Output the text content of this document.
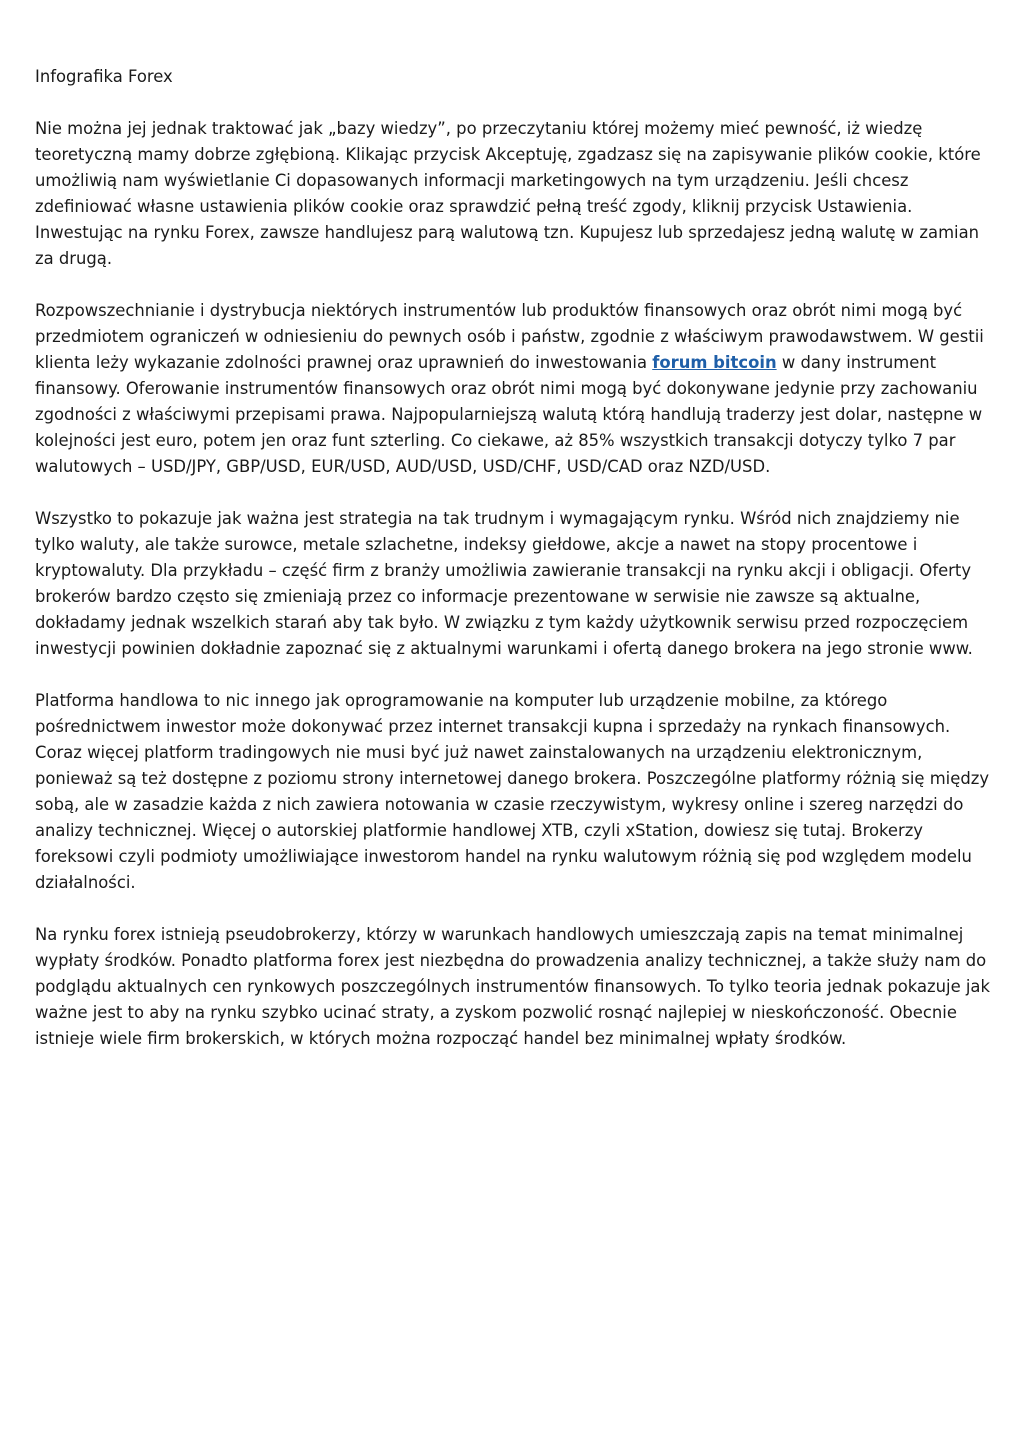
Infografika Forex

Nie można jej jednak traktować jak „bazy wiedzy”, po przeczytaniu której możemy mieć pewność, iż wiedzę teoretyczną mamy dobrze zgłębioną. Klikając przycisk Akceptuję, zgadzasz się na zapisywanie plików cookie, które umożliwią nam wyświetlanie Ci dopasowanych informacji marketingowych na tym urządzeniu. Jeśli chcesz zdefiniować własne ustawienia plików cookie oraz sprawdzić pełną treść zgody, kliknij przycisk Ustawienia. Inwestując na rynku Forex, zawsze handlujesz parą walutową tzn. Kupujesz lub sprzedajesz jedną walutę w zamian za drugą.

Rozpowszechnianie i dystrybucja niektórych instrumentów lub produktów finansowych oraz obrót nimi mogą być przedmiotem ograniczeń w odniesieniu do pewnych osób i państw, zgodnie z właściwym prawodawstwem. W gestii klienta leży wykazanie zdolności prawnej oraz uprawnień do inwestowania forum bitcoin w dany instrument finansowy. Oferowanie instrumentów finansowych oraz obrót nimi mogą być dokonywane jedynie przy zachowaniu zgodności z właściwymi przepisami prawa. Najpopularniejszą walutą którą handlują traderzy jest dolar, następne w kolejności jest euro, potem jen oraz funt szterling. Co ciekawe, aż 85% wszystkich transakcji dotyczy tylko 7 par walutowych – USD/JPY, GBP/USD, EUR/USD, AUD/USD, USD/CHF, USD/CAD oraz NZD/USD.

Wszystko to pokazuje jak ważna jest strategia na tak trudnym i wymagającym rynku. Wśród nich znajdziemy nie tylko waluty, ale także surowce, metale szlachetne, indeksy giełdowe, akcje a nawet na stopy procentowe i kryptowaluty. Dla przykładu – część firm z branży umożliwia zawieranie transakcji na rynku akcji i obligacji. Oferty brokerów bardzo często się zmieniają przez co informacje prezentowane w serwisie nie zawsze są aktualne, dokładamy jednak wszelkich starań aby tak było. W związku z tym każdy użytkownik serwisu przed rozpoczęciem inwestycji powinien dokładnie zapoznać się z aktualnymi warunkami i ofertą danego brokera na jego stronie www.

Platforma handlowa to nic innego jak oprogramowanie na komputer lub urządzenie mobilne, za którego pośrednictwem inwestor może dokonywać przez internet transakcji kupna i sprzedaży na rynkach finansowych. Coraz więcej platform tradingowych nie musi być już nawet zainstalowanych na urządzeniu elektronicznym, ponieważ są też dostępne z poziomu strony internetowej danego brokera. Poszczególne platformy różnią się między sobą, ale w zasadzie każda z nich zawiera notowania w czasie rzeczywistym, wykresy online i szereg narzędzi do analizy technicznej. Więcej o autorskiej platformie handlowej XTB, czyli xStation, dowiesz się tutaj. Brokerzy foreksowi czyli podmioty umożliwiające inwestorom handel na rynku walutowym różnią się pod względem modelu działalności.

Na rynku forex istnieją pseudobrokerzy, którzy w warunkach handlowych umieszczają zapis na temat minimalnej wypłaty środków. Ponadto platforma forex jest niezbędna do prowadzenia analizy technicznej, a także służy nam do podglądu aktualnych cen rynkowych poszczególnych instrumentów finansowych. To tylko teoria jednak pokazuje jak ważne jest to aby na rynku szybko ucinać straty, a zyskom pozwolić rosnąć najlepiej w nieskończoność. Obecnie istnieje wiele firm brokerskich, w których można rozpocząć handel bez minimalnej wpłaty środków.
